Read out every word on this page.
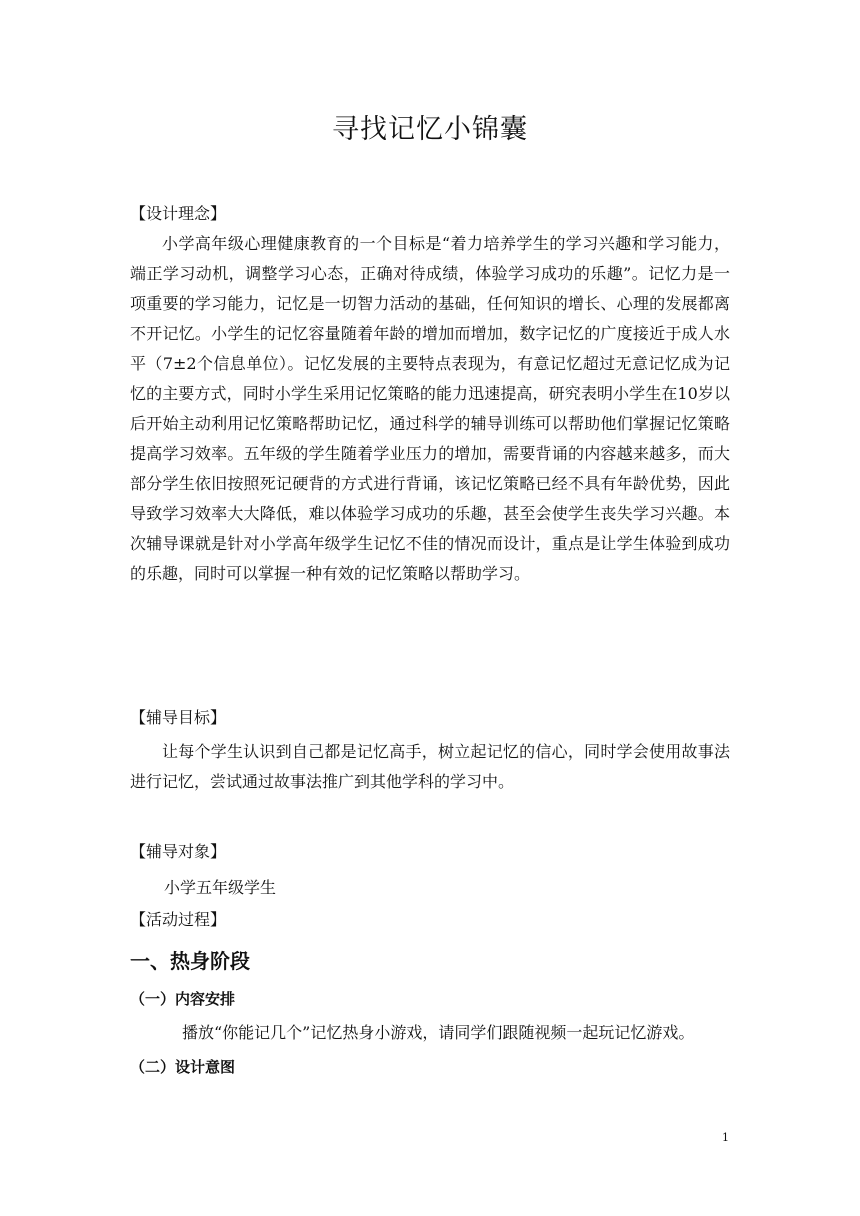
寻找记忆小锦囊
【设计理念】
小学高年级心理健康教育的一个目标是“着力培养学生的学习兴趣和学习能力，端正学习动机，调整学习心态，正确对待成绩，体验学习成功的乐趣”。记忆力是一项重要的学习能力，记忆是一切智力活动的基础，任何知识的增长、心理的发展都离不开记忆。小学生的记忆容量随着年龄的增加而增加，数字记忆的广度接近于成人水平（7±2个信息单位）。记忆发展的主要特点表现为，有意记忆超过无意记忆成为记忆的主要方式，同时小学生采用记忆策略的能力迅速提高，研究表明小学生在10岁以后开始主动利用记忆策略帮助记忆，通过科学的辅导训练可以帮助他们掌握记忆策略提高学习效率。五年级的学生随着学业压力的增加，需要背诵的内容越来越多，而大部分学生依旧按照死记硬背的方式进行背诵，该记忆策略已经不具有年龄优势，因此导致学习效率大大降低，难以体验学习成功的乐趣，甚至会使学生丧失学习兴趣。本次辅导课就是针对小学高年级学生记忆不佳的情况而设计，重点是让学生体验到成功的乐趣，同时可以掌握一种有效的记忆策略以帮助学习。
【辅导目标】
让每个学生认识到自己都是记忆高手，树立起记忆的信心，同时学会使用故事法进行记忆，尝试通过故事法推广到其他学科的学习中。
【辅导对象】
小学五年级学生
【活动过程】
一、热身阶段
（一）内容安排
播放“你能记几个”记忆热身小游戏，请同学们跟随视频一起玩记忆游戏。
（二）设计意图
1
